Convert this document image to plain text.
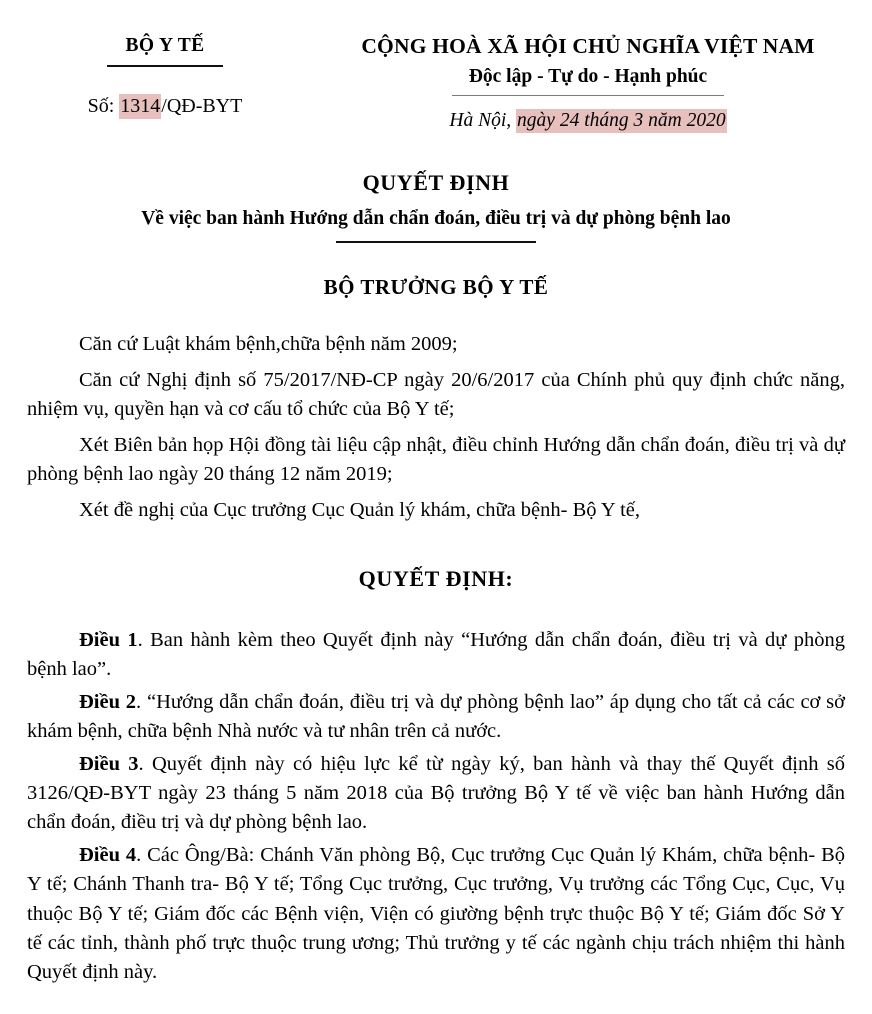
BỘ Y TẾ
Số: 1314/QĐ-BYT
CỘNG HOÀ XÃ HỘI CHỦ NGHĨA VIỆT NAM
Độc lập - Tự do - Hạnh phúc
Hà Nội, ngày 24 tháng 3 năm 2020
QUYẾT ĐỊNH
Về việc ban hành Hướng dẫn chẩn đoán, điều trị và dự phòng bệnh lao
BỘ TRƯỞNG BỘ Y TẾ

Căn cứ Luật khám bệnh,chữa bệnh năm 2009;

Căn cứ Nghị định số 75/2017/NĐ-CP ngày 20/6/2017 của Chính phủ quy định chức năng, nhiệm vụ, quyền hạn và cơ cấu tổ chức của Bộ Y tế;

Xét Biên bản họp Hội đồng tài liệu cập nhật, điều chỉnh Hướng dẫn chẩn đoán, điều trị và dự phòng bệnh lao ngày 20 tháng 12 năm 2019;

Xét đề nghị của Cục trưởng Cục Quản lý khám, chữa bệnh- Bộ Y tế,

QUYẾT ĐỊNH:

Điều 1. Ban hành kèm theo Quyết định này “Hướng dẫn chẩn đoán, điều trị và dự phòng bệnh lao”.

Điều 2. “Hướng dẫn chẩn đoán, điều trị và dự phòng bệnh lao” áp dụng cho tất cả các cơ sở khám bệnh, chữa bệnh Nhà nước và tư nhân trên cả nước.

Điều 3. Quyết định này có hiệu lực kể từ ngày ký, ban hành và thay thế Quyết định số 3126/QĐ-BYT ngày 23 tháng 5 năm 2018 của Bộ trưởng Bộ Y tế về việc ban hành Hướng dẫn chẩn đoán, điều trị và dự phòng bệnh lao.

Điều 4. Các Ông/Bà: Chánh Văn phòng Bộ, Cục trưởng Cục Quản lý Khám, chữa bệnh- Bộ Y tế; Chánh Thanh tra- Bộ Y tế; Tổng Cục trưởng, Cục trưởng, Vụ trưởng các Tổng Cục, Cục, Vụ thuộc Bộ Y tế; Giám đốc các Bệnh viện, Viện có giường bệnh trực thuộc Bộ Y tế; Giám đốc Sở Y tế các tỉnh, thành phố trực thuộc trung ương; Thủ trưởng y tế các ngành chịu trách nhiệm thi hành Quyết định này.
